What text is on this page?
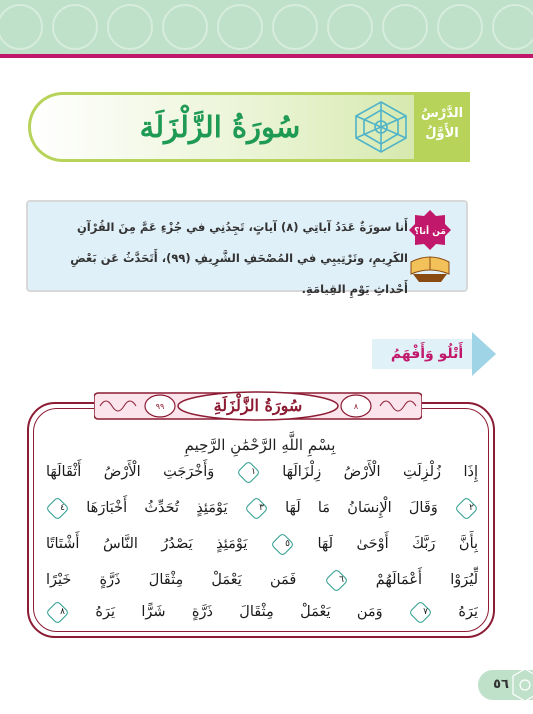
سُورَةُ الزَّلْزَلَة	الدَّرْسُ
الأَوَّلُ
أَنا سورَةٌ عَدَدُ آياتِي (٨) آياتٍ، تَجِدُنِي في جُزْءِ عَمَّ مِنَ القُرْآنِ الكَرِيمِ، وتَرْتِيبِي في المُصْحَفِ الشَّرِيفِ (٩٩)، أَتَحَدَّثُ عَن بَعْضِ أَحْداثِ يَوْمِ القِيامَةِ.
مَن أنا؟
أَتْلُو وَأَفْهَمُ
سُورَةُ الزَّلْزَلَةِ
٩٩	٨
بِسْمِ اللَّهِ الرَّحْمَٰنِ الرَّحِيمِ
إِذَا زُلْزِلَتِ الْأَرْضُ زِلْزَالَهَا
١
وَأَخْرَجَتِ الْأَرْضُ أَثْقَالَهَا
٢
وَقَالَ الْإِنسَانُ مَا لَهَا
٣
يَوْمَئِذٍ تُحَدِّثُ أَخْبَارَهَا
٤
بِأَنَّ رَبَّكَ أَوْحَىٰ لَهَا
٥
يَوْمَئِذٍ يَصْدُرُ النَّاسُ أَشْتَاتًا
لِّيُرَوْا أَعْمَالَهُمْ
٦
فَمَن يَعْمَلْ مِثْقَالَ ذَرَّةٍ خَيْرًا
يَرَهُ
٧
وَمَن يَعْمَلْ مِثْقَالَ ذَرَّةٍ شَرًّا يَرَهُ
٨
٥٦
